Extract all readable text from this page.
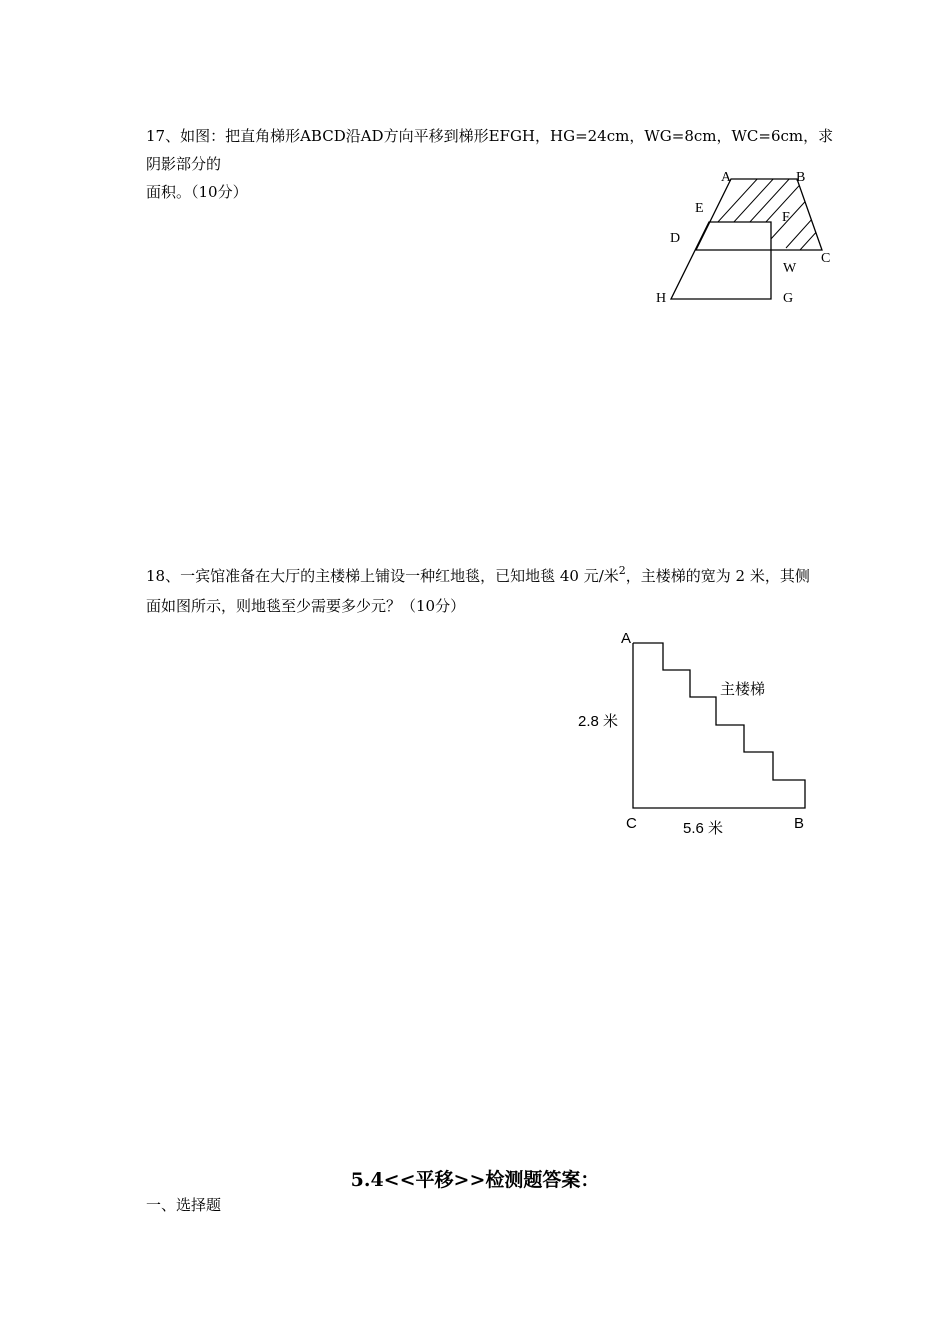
17、如图：把直角梯形ABCD沿AD方向平移到梯形EFGH，HG=24cm，WG=8cm，WC=6cm，求阴影部分的
面积。（10分）
A	B
E
F
D
C
W
H	G
18、一宾馆准备在大厅的主楼梯上铺设一种红地毯，已知地毯 40 元/米$^2$，主楼梯的宽为 2 米，其侧
面如图所示，则地毯至少需要多少元？（10分）
A
主楼梯
2.8 米
C	5.6 米	B
5.4<<平移>>检测题答案：
一、选择题
